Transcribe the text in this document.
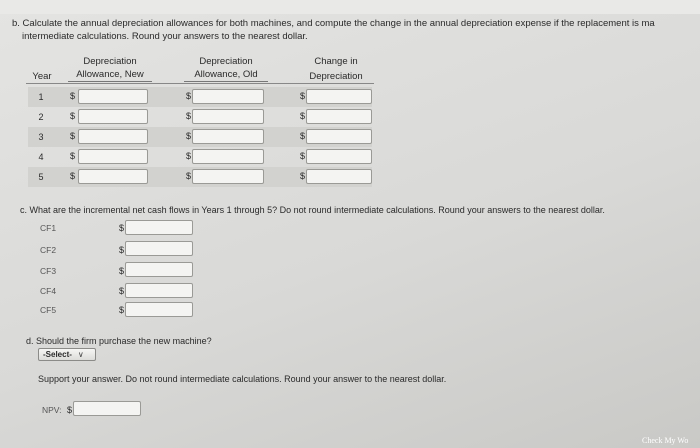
b. Calculate the annual depreciation allowances for both machines, and compute the change in the annual depreciation expense if the replacement is ma
intermediate calculations. Round your answers to the nearest dollar.
Year
Depreciation
Allowance, New
Depreciation
Allowance, Old
Change in
Depreciation
1	$	$	$
2	$	$	$
3	$	$	$
4	$	$	$
5	$	$	$
c. What are the incremental net cash flows in Years 1 through 5? Do not round intermediate calculations. Round your answers to the nearest dollar.
CF1	$
CF2	$
CF3	$
CF4	$
CF5	$
d. Should the firm purchase the new machine?
-Select- ∨
Support your answer. Do not round intermediate calculations. Round your answer to the nearest dollar.
NPV: $
Check My Wo
